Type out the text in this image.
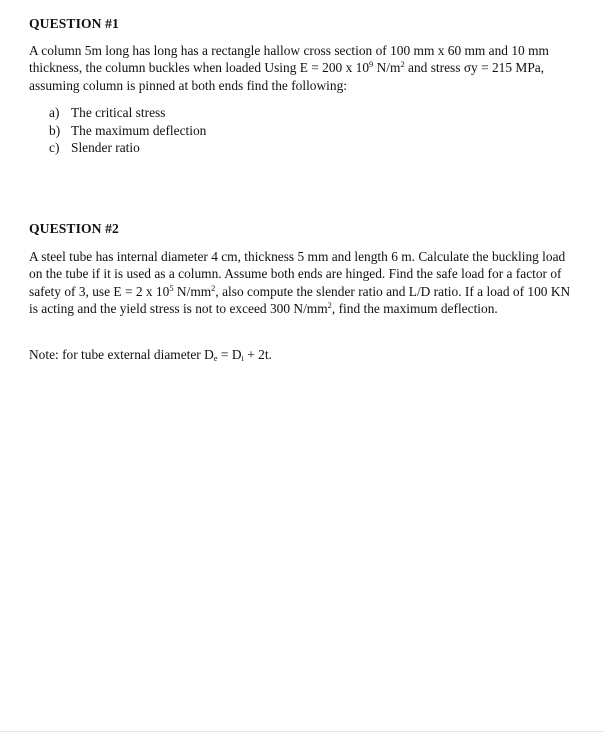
QUESTION #1

A column 5m long has long has a rectangle hallow cross section of 100 mm x 60 mm and 10 mm thickness, the column buckles when loaded Using E = 200 x $10^9$ $N/m^2$ and stress σy = 215 MPa, assuming column is pinned at both ends find the following:

a) The critical stress
b) The maximum deflection
c) Slender ratio
QUESTION #2

A steel tube has internal diameter 4 cm, thickness 5 mm and length 6 m. Calculate the buckling load on the tube if it is used as a column. Assume both ends are hinged. Find the safe load for a factor of safety of 3, use E = 2 x $10^5$ $N/mm^2$, also compute the slender ratio and L/D ratio. If a load of 100 KN is acting and the yield stress is not to exceed 300 $N/mm^2$, find the maximum deflection.

Note: for tube external diameter $D_e = D_i + 2t$.
